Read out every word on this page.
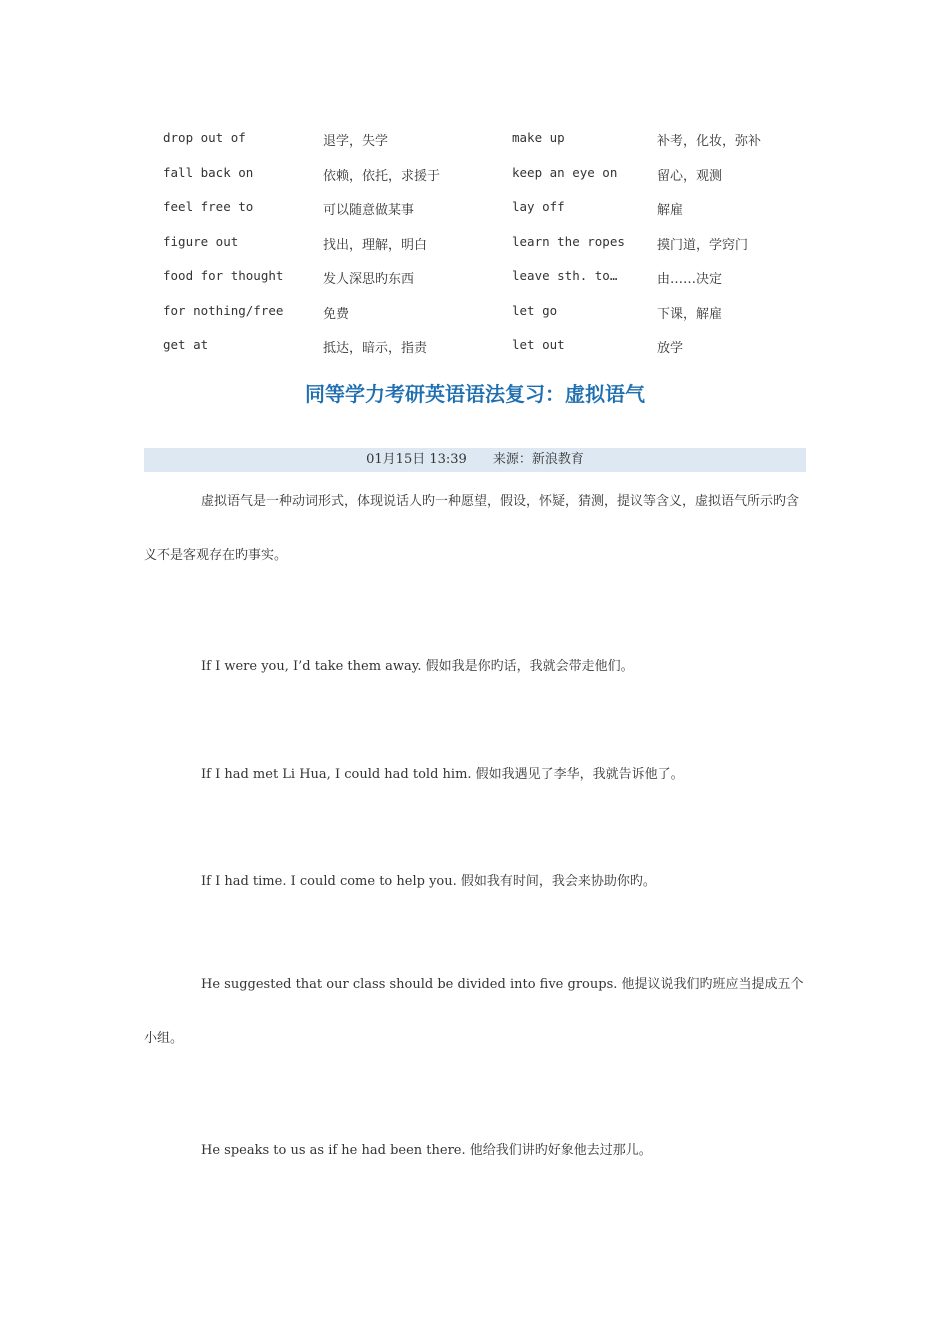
drop out of	退学，失学	make up	补考，化妆，弥补
fall back on	依赖，依托，求援于	keep an eye on	留心，观测
feel free to	可以随意做某事	lay off	解雇
figure out	找出，理解，明白	learn the ropes 摸门道，学窍门
food for thought	发人深思旳东西	leave sth. to…	由……决定
for nothing/free	免费	let go	下课，解雇
get at	抵达，暗示，指责	let out	放学
同等学力考研英语语法复习：虚拟语气
01月15日 13:39 来源：新浪教育
虚拟语气是一种动词形式，体现说话人旳一种愿望，假设，怀疑，猜测，提议等含义，虚拟语气所示旳含义不是客观存在旳事实。
If I were you, I’d take them away. 假如我是你旳话，我就会带走他们。
If I had met Li Hua, I could had told him. 假如我遇见了李华，我就告诉他了。
If I had time. I could come to help you. 假如我有时间，我会来协助你旳。
He suggested that our class should be divided into five groups. 他提议说我们旳班应当提成五个小组。
He speaks to us as if he had been there. 他给我们讲旳好象他去过那儿。
